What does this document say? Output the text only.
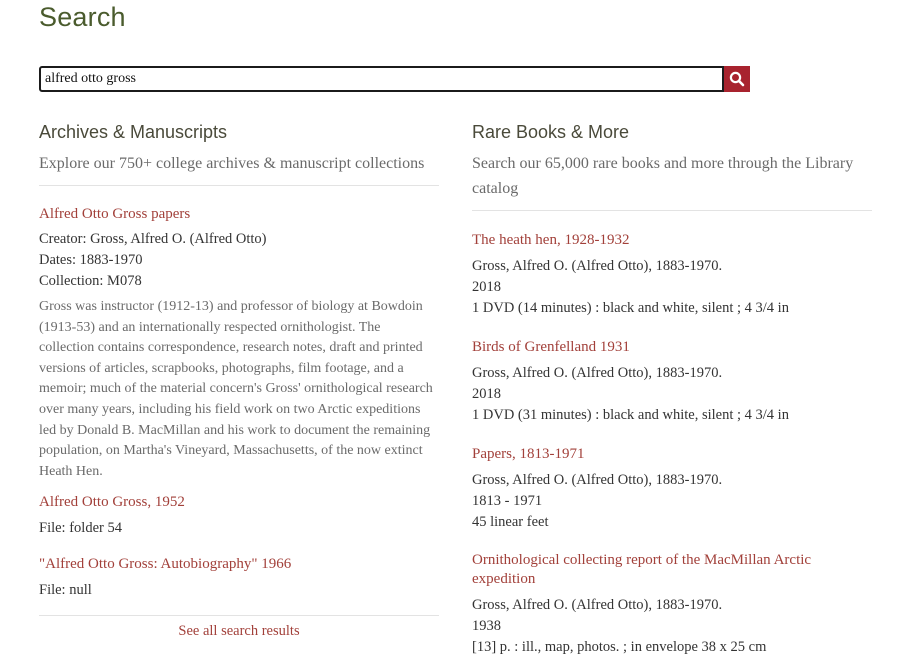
Search
alfred otto gross
Archives & Manuscripts

Explore our 750+ college archives & manuscript collections

Alfred Otto Gross papers
Creator: Gross, Alfred O. (Alfred Otto)
Dates: 1883-1970
Collection: M078
Gross was instructor (1912-13) and professor of biology at Bowdoin (1913-53) and an internationally respected ornithologist. The collection contains correspondence, research notes, draft and printed versions of articles, scrapbooks, photographs, film footage, and a memoir; much of the material concern's Gross' ornithological research over many years, including his field work on two Arctic expeditions led by Donald B. MacMillan and his work to document the remaining population, on Martha's Vineyard, Massachusetts, of the now extinct Heath Hen.
Alfred Otto Gross, 1952
File: folder 54
"Alfred Otto Gross: Autobiography" 1966
File: null
See all search results
Rare Books & More

Search our 65,000 rare books and more through the Library catalog

The heath hen, 1928-1932
Gross, Alfred O. (Alfred Otto), 1883-1970.
2018
1 DVD (14 minutes) : black and white, silent ; 4 3/4 in
Birds of Grenfelland 1931
Gross, Alfred O. (Alfred Otto), 1883-1970.
2018
1 DVD (31 minutes) : black and white, silent ; 4 3/4 in
Papers, 1813-1971
Gross, Alfred O. (Alfred Otto), 1883-1970.
1813 - 1971
45 linear feet
Ornithological collecting report of the MacMillan Arctic expedition
Gross, Alfred O. (Alfred Otto), 1883-1970.
1938
[13] p. : ill., map, photos. ; in envelope 38 x 25 cm
